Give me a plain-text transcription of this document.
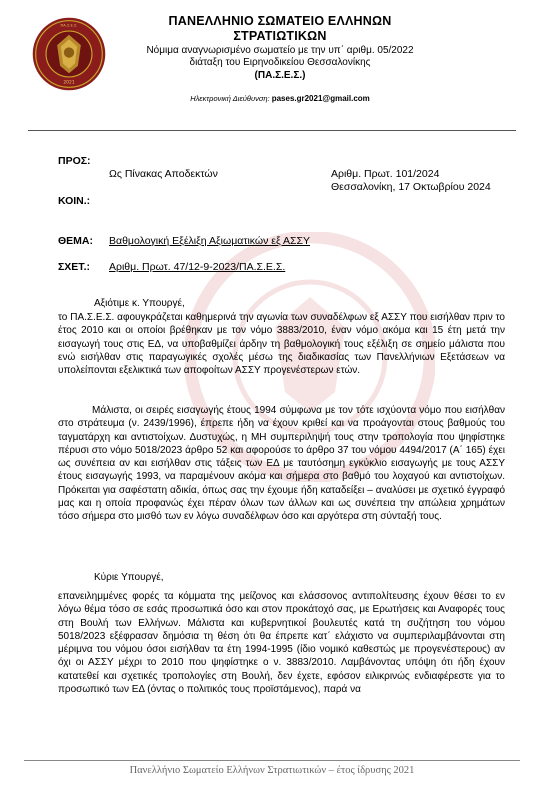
2021
ΠΑ.Σ.Ε.Σ.	ΠΑΝΕΛΛΗΝΙΟ ΣΩΜΑΤΕΙΟ ΕΛΛΗΝΩΝ
ΣΤΡΑΤΙΩΤΙΚΩΝ
Νόμιμα αναγνωρισμένο σωματείο με την υπ΄ αριθμ. 05/2022
διάταξη του Ειρηνοδικείου Θεσσαλονίκης
(ΠΑ.Σ.Ε.Σ.)
Ηλεκτρονική Διεύθυνση: pases.gr2021@gmail.com
ΠΡΟΣ:
Ως Πίνακας Αποδεκτών	Αριθμ. Πρωτ. 101/2024
Θεσσαλονίκη, 17 Οκτωβρίου 2024
ΚΟΙΝ.:
ΘΕΜΑ: Βαθμολογική Εξέλιξη Αξιωματικών εξ ΑΣΣΥ
ΣΧΕΤ.: Αριθμ. Πρωτ. 47/12-9-2023/ΠΑ.Σ.Ε.Σ.
Αξιότιμε κ. Υπουργέ,
το ΠΑ.Σ.Ε.Σ. αφουγκράζεται καθημερινά την αγωνία των συναδέλφων εξ ΑΣΣΥ που εισήλθαν πριν το έτος 2010 και οι οποίοι βρέθηκαν με τον νόμο 3883/2010, έναν νόμο ακόμα και 15 έτη μετά την εισαγωγή τους στις ΕΔ, να υποβαθμίζει άρδην τη βαθμολογική τους εξέλιξη σε σημείο μάλιστα που ενώ εισήλθαν στις παραγωγικές σχολές μέσω της διαδικασίας των Πανελλήνιων Εξετάσεων να υπολείπονται εξελικτικά των αποφοίτων ΑΣΣΥ προγενέστερων ετών.
Μάλιστα, οι σειρές εισαγωγής έτους 1994 σύμφωνα με τον τότε ισχύοντα νόμο που εισήλθαν στο στράτευμα (ν. 2439/1996), έπρεπε ήδη να έχουν κριθεί και να προάγονται στους βαθμούς του ταγματάρχη και αντιστοίχων. Δυστυχώς, η ΜΗ συμπεριληψή τους στην τροπολογία που ψηφίστηκε πέρυσι στο νόμο 5018/2023 άρθρο 52 και αφορούσε το άρθρο 37 του νόμου 4494/2017 (Α΄ 165) έχει ως συνέπεια αν και εισήλθαν στις τάξεις των ΕΔ με ταυτόσημη εγκύκλιο εισαγωγής με τους ΑΣΣΥ έτους εισαγωγής 1993, να παραμένουν ακόμα και σήμερα στο βαθμό του λοχαγού και αντιστοίχων. Πρόκειται για σαφέστατη αδικία, όπως σας την έχουμε ήδη καταδείξει – αναλύσει με σχετικό έγγραφό μας και η οποία προφανώς έχει πέραν όλων των άλλων και ως συνέπεια την απώλεια χρημάτων τόσο σήμερα στο μισθό των εν λόγω συναδέλφων όσο και αργότερα στη σύνταξή τους.
Κύριε Υπουργέ,
επανειλημμένες φορές τα κόμματα της μείζονος και ελάσσονος αντιπολίτευσης έχουν θέσει το εν λόγω θέμα τόσο σε εσάς προσωπικά όσο και στον προκάτοχό σας, με Ερωτήσεις και Αναφορές τους στη Βουλή των Ελλήνων. Μάλιστα και κυβερνητικοί βουλευτές κατά τη συζήτηση του νόμου 5018/2023 εξέφρασαν δημόσια τη θέση ότι θα έπρεπε κατ΄ ελάχιστο να συμπεριλαμβάνονται στη μέριμνα του νόμου όσοι εισήλθαν τα έτη 1994-1995 (ίδιο νομικό καθεστώς με προγενέστερους) αν όχι οι ΑΣΣΥ μέχρι το 2010 που ψηφίστηκε ο ν. 3883/2010. Λαμβάνοντας υπόψη ότι ήδη έχουν κατατεθεί και σχετικές τροπολογίες στη Βουλή, δεν έχετε, εφόσον ειλικρινώς ενδιαφέρεστε για το προσωπικό των ΕΔ (όντας ο πολιτικός τους προϊστάμενος), παρά να
Πανελλήνιο Σωματείο Ελλήνων Στρατιωτικών – έτος ίδρυσης 2021
